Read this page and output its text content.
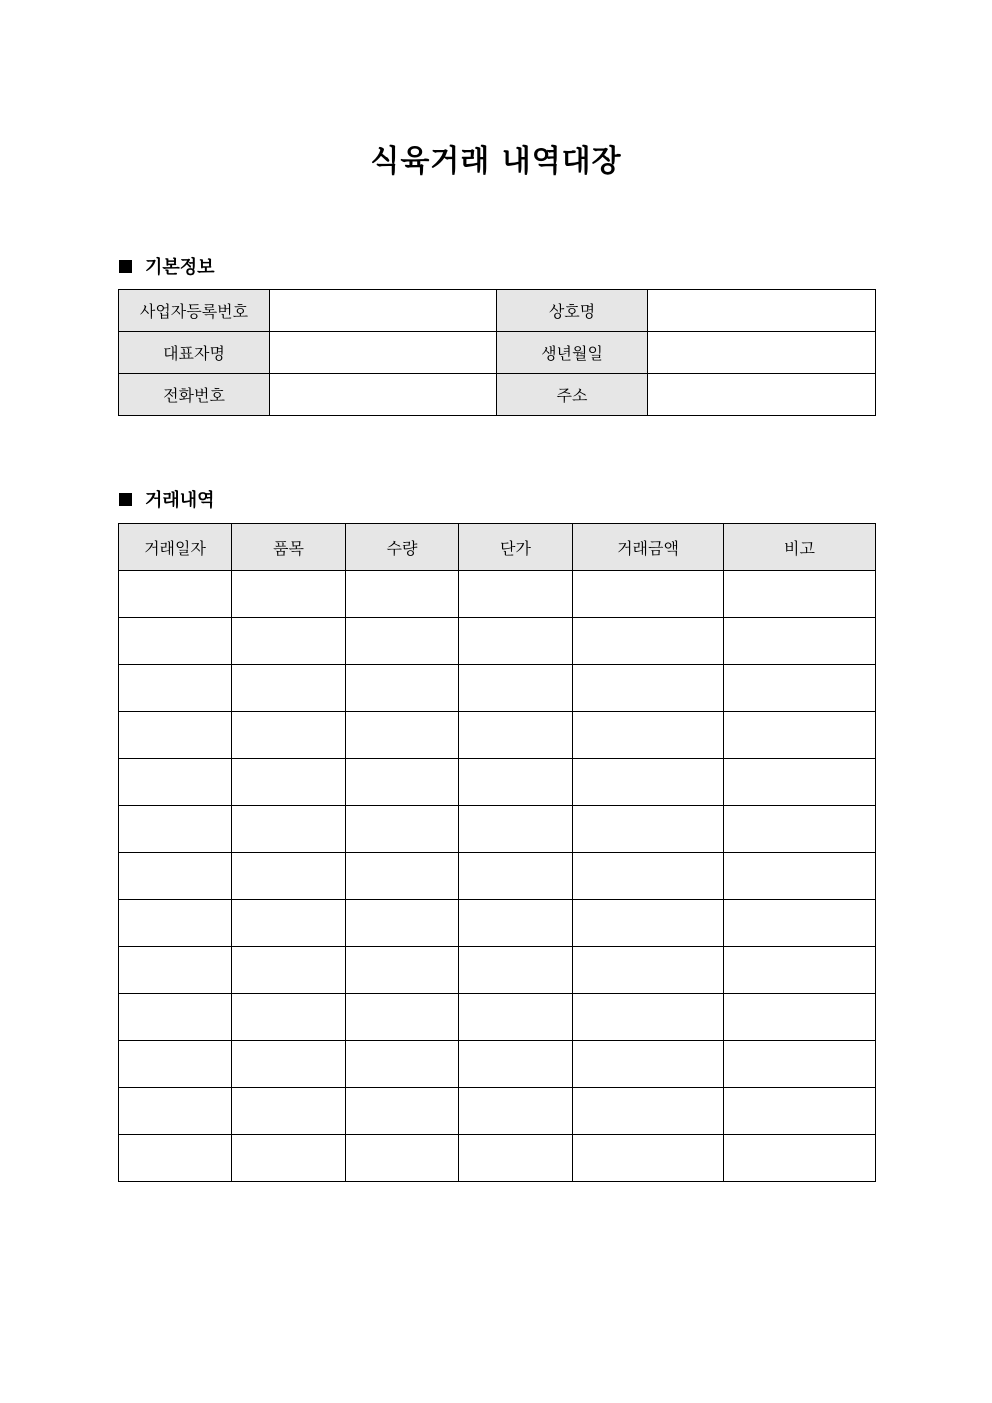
식육거래 내역대장
기본정보
사업자등록번호		상호명	
대표자명		생년월일	
전화번호		주소	
거래내역
거래일자	품목	수량	단가	거래금액	비고
